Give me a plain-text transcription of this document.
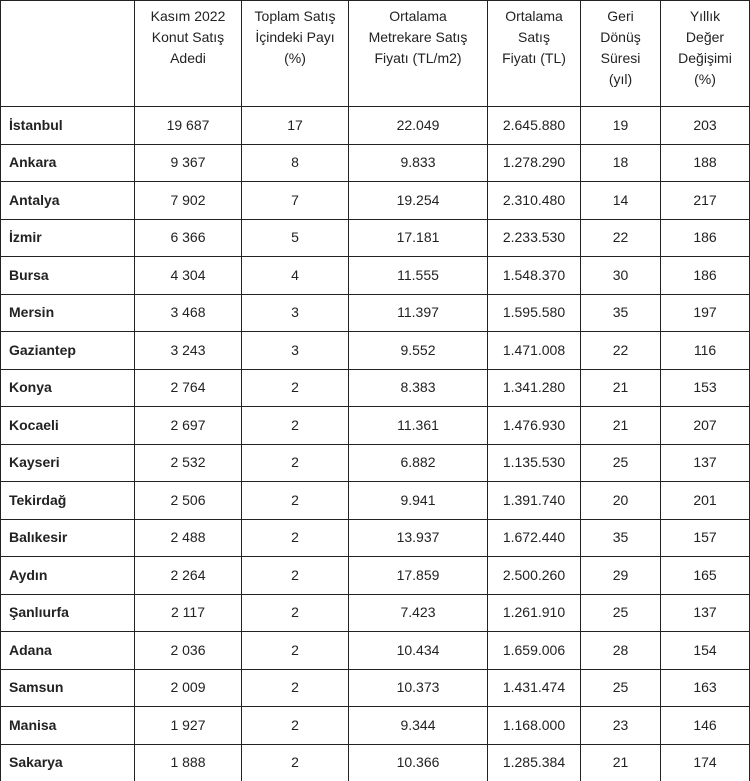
	Kasım 2022
Konut Satış
Adedi	Toplam Satış
İçindeki Payı
(%)	Ortalama
Metrekare Satış
Fiyatı (TL/m2)	Ortalama
Satış
Fiyatı (TL)	Geri
Dönüş
Süresi
(yıl)	Yıllık
Değer
Değişimi
(%)

İstanbul	19 687	17	22.049	2.645.880	19	203
Ankara	9 367	8	9.833	1.278.290	18	188
Antalya	7 902	7	19.254	2.310.480	14	217
İzmir	6 366	5	17.181	2.233.530	22	186
Bursa	4 304	4	11.555	1.548.370	30	186
Mersin	3 468	3	11.397	1.595.580	35	197
Gaziantep	3 243	3	9.552	1.471.008	22	116
Konya	2 764	2	8.383	1.341.280	21	153
Kocaeli	2 697	2	11.361	1.476.930	21	207
Kayseri	2 532	2	6.882	1.135.530	25	137
Tekirdağ	2 506	2	9.941	1.391.740	20	201
Balıkesir	2 488	2	13.937	1.672.440	35	157
Aydın	2 264	2	17.859	2.500.260	29	165
Şanlıurfa	2 117	2	7.423	1.261.910	25	137
Adana	2 036	2	10.434	1.659.006	28	154
Samsun	2 009	2	10.373	1.431.474	25	163
Manisa	1 927	2	9.344	1.168.000	23	146
Sakarya	1 888	2	10.366	1.285.384	21	174
